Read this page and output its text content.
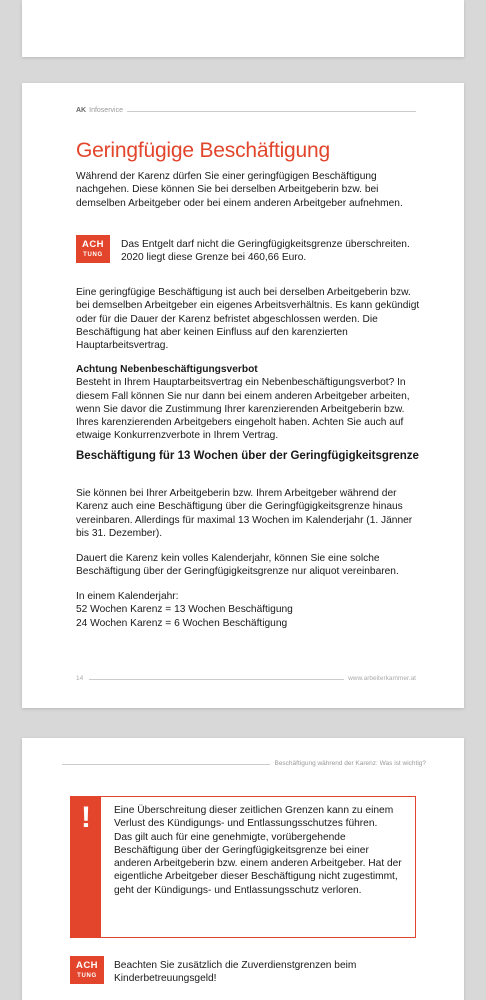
AK Infoservice
Geringfügige Beschäftigung

Während der Karenz dürfen Sie einer geringfügigen Beschäftigung nachgehen. Diese können Sie bei derselben Arbeitgeberin bzw. bei demselben Arbeitgeber oder bei einem anderen Arbeitgeber aufnehmen.

ACH
TUNG

Das Entgelt darf nicht die Geringfügigkeitsgrenze überschreiten. 2020 liegt diese Grenze bei 460,66 Euro.

Eine geringfügige Beschäftigung ist auch bei derselben Arbeitgeberin bzw. bei demselben Arbeitgeber ein eigenes Arbeitsverhältnis. Es kann gekündigt oder für die Dauer der Karenz befristet abgeschlossen werden. Die Beschäftigung hat aber keinen Einfluss auf den karenzierten Hauptarbeitsvertrag.

Achtung Nebenbeschäftigungsverbot
Besteht in Ihrem Hauptarbeitsvertrag ein Nebenbeschäftigungsverbot? In diesem Fall können Sie nur dann bei einem anderen Arbeitgeber arbeiten, wenn Sie davor die Zustimmung Ihrer karenzierenden Arbeitgeberin bzw. Ihres karenzierenden Arbeitgebers eingeholt haben. Achten Sie auch auf etwaige Konkurrenzverbote in Ihrem Vertrag.
Beschäftigung für 13 Wochen über der Geringfügigkeitsgrenze

Sie können bei Ihrer Arbeitgeberin bzw. Ihrem Arbeitgeber während der Karenz auch eine Beschäftigung über die Geringfügigkeitsgrenze hinaus vereinbaren. Allerdings für maximal 13 Wochen im Kalenderjahr (1. Jänner bis 31. Dezember).

Dauert die Karenz kein volles Kalenderjahr, können Sie eine solche Beschäftigung über der Geringfügigkeitsgrenze nur aliquot vereinbaren.

In einem Kalenderjahr:
52 Wochen Karenz = 13 Wochen Beschäftigung
24 Wochen Karenz = 6 Wochen Beschäftigung
14	www.arbeiterkammer.at
Beschäftigung während der Karenz: Was ist wichtig?
! Eine Überschreitung dieser zeitlichen Grenzen kann zu einem Verlust des Kündigungs- und Entlassungsschutzes führen.
Das gilt auch für eine genehmigte, vorübergehende Beschäftigung über der Geringfügigkeitsgrenze bei einer anderen Arbeitgeberin bzw. einem anderen Arbeitgeber. Hat der eigentliche Arbeitgeber dieser Beschäftigung nicht zugestimmt, geht der Kündigungs- und Entlassungsschutz verloren.
ACH
TUNG

Beachten Sie zusätzlich die Zuverdienstgrenzen beim Kinderbetreuungsgeld!
